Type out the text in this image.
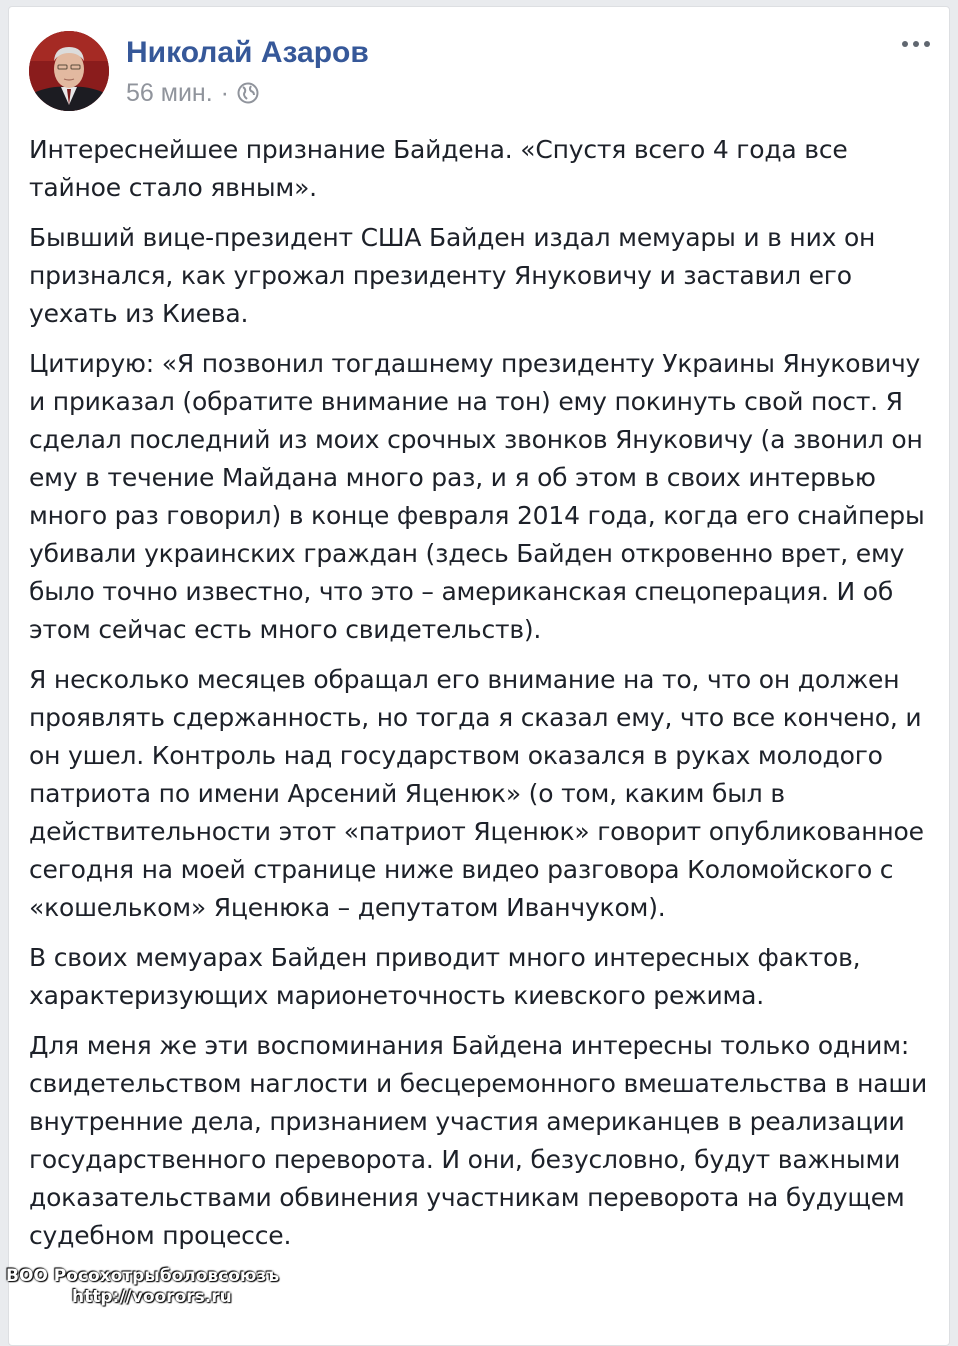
Николай Азаров
56 мин. ·

Интереснейшее признание Байдена. «Спустя всего 4 года все тайное стало явным».

Бывший вице-президент США Байден издал мемуары и в них он признался, как угрожал президенту Януковичу и заставил его уехать из Киева.

Цитирую: «Я позвонил тогдашнему президенту Украины Януковичу и приказал (обратите внимание на тон) ему покинуть свой пост. Я сделал последний из моих срочных звонков Януковичу (а звонил он ему в течение Майдана много раз, и я об этом в своих интервью много раз говорил) в конце февраля 2014 года, когда его снайперы убивали украинских граждан (здесь Байден откровенно врет, ему было точно известно, что это – американская спецоперация. И об этом сейчас есть много свидетельств).

Я несколько месяцев обращал его внимание на то, что он должен проявлять сдержанность, но тогда я сказал ему, что все кончено, и он ушел. Контроль над государством оказался в руках молодого патриота по имени Арсений Яценюк» (о том, каким был в действительности этот «патриот Яценюк» говорит опубликованное сегодня на моей странице ниже видео разговора Коломойского с «кошельком» Яценюка – депутатом Иванчуком).

В своих мемуарах Байден приводит много интересных фактов, характеризующих марионеточность киевского режима.

Для меня же эти воспоминания Байдена интересны только одним: свидетельством наглости и бесцеремонного вмешательства в наши внутренние дела, признанием участия американцев в реализации государственного переворота. И они, безусловно, будут важными доказательствами обвинения участникам переворота на будущем судебном процессе.

ВОО Росохотрыболовсоюзъ
http://voorors.ru
